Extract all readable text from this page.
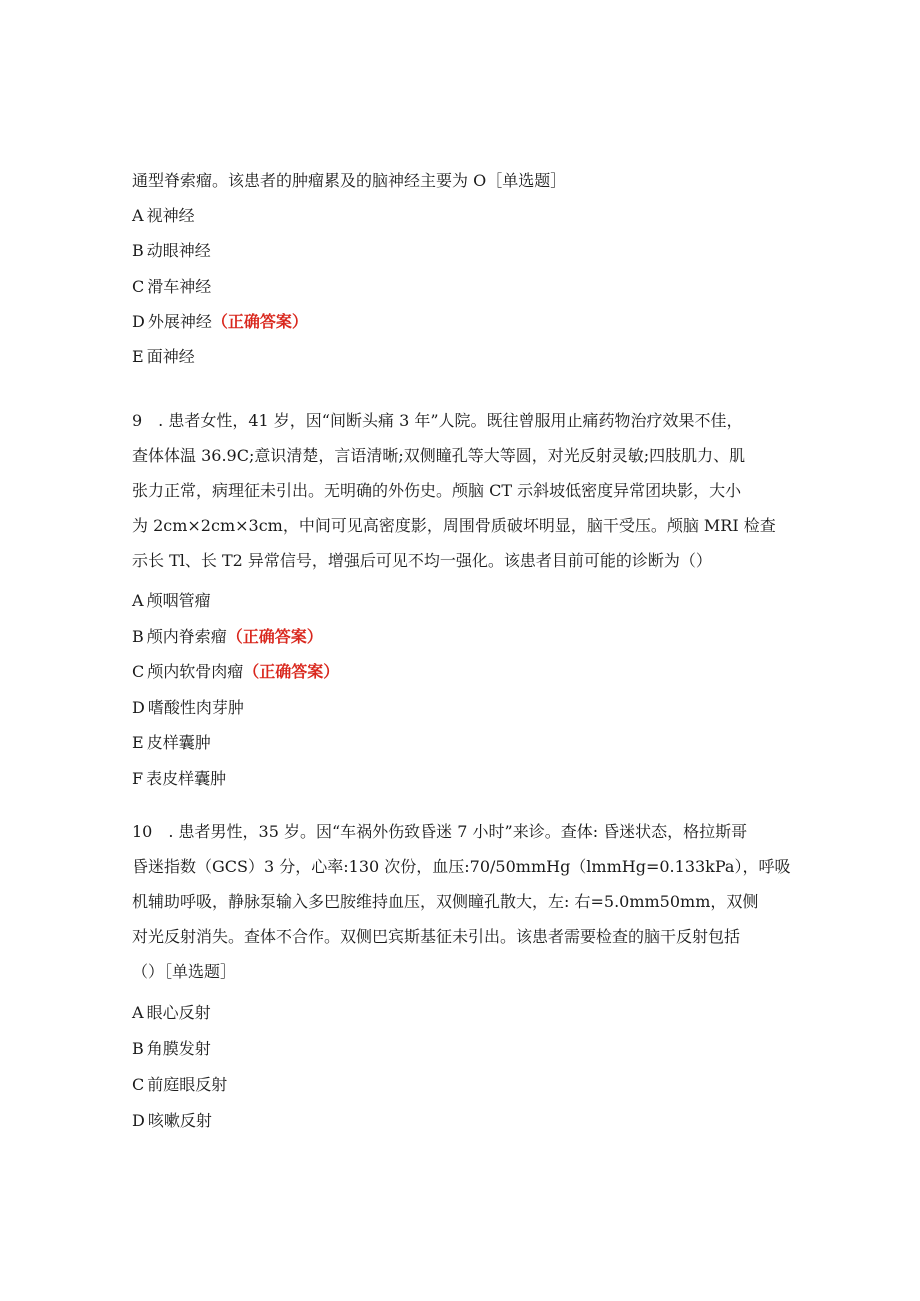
通型脊索瘤。该患者的肿瘤累及的脑神经主要为 O［单选题］
A 视神经
B 动眼神经
C 滑车神经
D 外展神经（正确答案）
E 面神经
9　. 患者女性，41 岁，因“间断头痛 3 年”人院。既往曾服用止痛药物治疗效果不佳，
查体体温 36.9C;意识清楚，言语清晰;双侧瞳孔等大等圆，对光反射灵敏;四肢肌力、肌
张力正常，病理征未引出。无明确的外伤史。颅脑 CT 示斜坡低密度异常团块影，大小
为 2cm×2cm×3cm，中间可见高密度影，周围骨质破坏明显，脑干受压。颅脑 MRI 检查
示长 Tl、长 T2 异常信号，增强后可见不均一强化。该患者目前可能的诊断为（）
A 颅咽管瘤
B 颅内脊索瘤（正确答案）
C 颅内软骨肉瘤（正确答案）
D 嗜酸性肉芽肿
E 皮样囊肿
F 表皮样囊肿
10　. 患者男性，35 岁。因“车祸外伤致昏迷 7 小时”来诊。查体: 昏迷状态，格拉斯哥
昏迷指数（GCS）3 分，心率:130 次份，血压:70/50mmHg（lmmHg=0.133kPa），呼吸
机辅助呼吸，静脉泵输入多巴胺维持血压，双侧瞳孔散大，左: 右=5.0mm50mm，双侧
对光反射消失。查体不合作。双侧巴宾斯基征未引出。该患者需要检查的脑干反射包括
（）［单选题］
A 眼心反射
B 角膜发射
C 前庭眼反射
D 咳嗽反射
